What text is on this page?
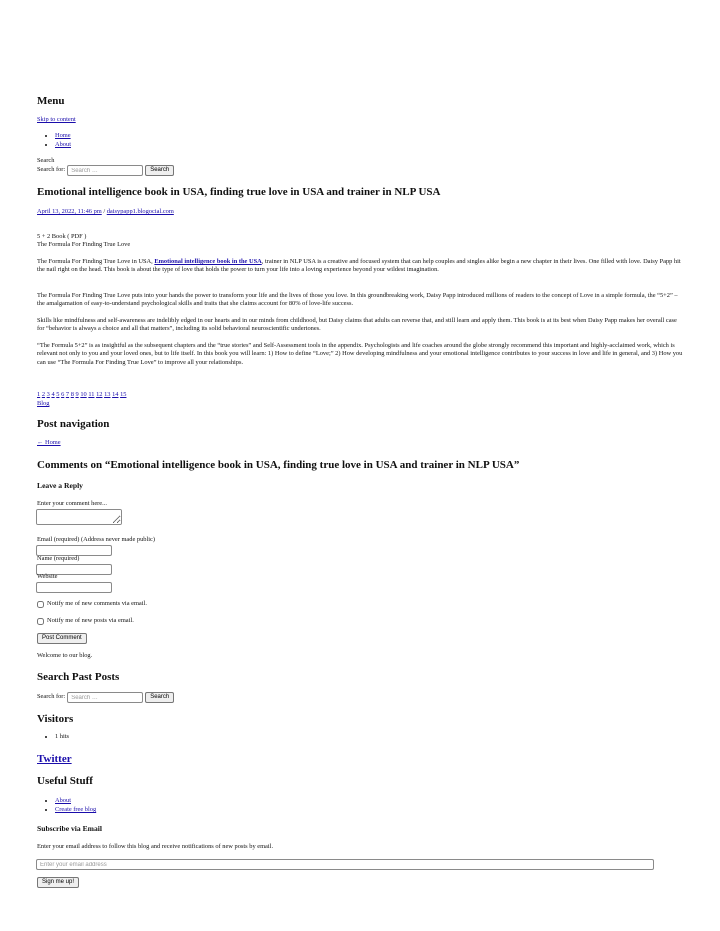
Menu
Skip to content
• Home
• About
Search
Search for:
Search …	Search
Emotional intelligence book in USA, finding true love in USA and trainer in NLP USA
April 13, 2022, 11:46 pm / daisypapp1.blogocial.com
5 + 2 Book ( PDF )
The Formula For Finding True Love

The Formula For Finding True Love in USA, Emotional intelligence book in the USA, trainer in NLP USA is a creative and focused system that can help couples and singles alike begin a new chapter in their lives. One filled with love. Daisy Papp hit the nail right on the head. This book is about the type of love that holds the power to turn your life into a loving experience beyond your wildest imagination.

The Formula For Finding True Love puts into your hands the power to transform your life and the lives of those you love. In this groundbreaking work, Daisy Papp introduced millions of readers to the concept of Love in a simple formula, the “5+2” – the amalgamation of easy-to-understand psychological skills and traits that she claims account for 80% of love-life success.

Skills like mindfulness and self-awareness are indelibly edged in our hearts and in our minds from childhood, but Daisy claims that adults can reverse that, and still learn and apply them. This book is at its best when Daisy Papp makes her overall case for “behavior is always a choice and all that matters”, including its solid behavioral neuroscientific undertones.

“The Formula 5+2” is as insightful as the subsequent chapters and the “true stories” and Self-Assessment tools in the appendix. Psychologists and life coaches around the globe strongly recommend this important and highly-acclaimed work, which is relevant not only to you and your loved ones, but to life itself. In this book you will learn: 1) How to define “Love;” 2) How developing mindfulness and your emotional intelligence contributes to your success in love and life in general, and 3) How you can use “The Formula For Finding True Love” to improve all your relationships.

1 2 3 4 5 6 7 8 9 10 11 12 13 14 15
Blog
Post navigation
← Home
Comments on “Emotional intelligence book in USA, finding true love in USA and trainer in NLP USA”
Leave a Reply
Enter your comment here...
Email (required) (Address never made public)
Name (required)
Website
Notify me of new comments via email.
Notify me of new posts via email.
Post Comment
Welcome to our blog.
Search Past Posts
Search for:
Search …	Search
Visitors
• 1 hits
Twitter
Useful Stuff
• About
• Create free blog
Subscribe via Email
Enter your email address to follow this blog and receive notifications of new posts by email.
Enter your email address
Sign me up!
